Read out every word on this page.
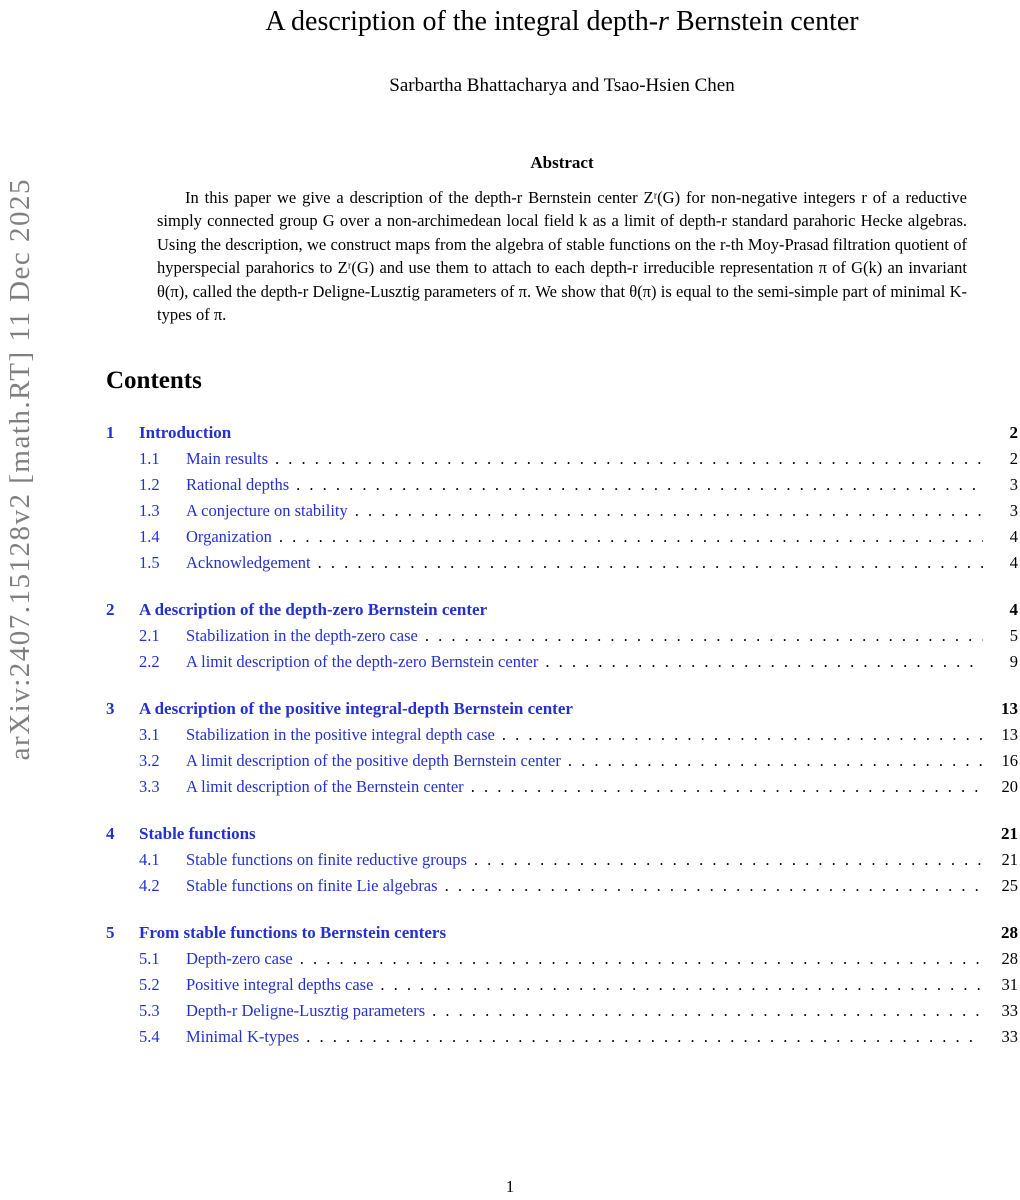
arXiv:2407.15128v2 [math.RT] 11 Dec 2025
A description of the integral depth-r Bernstein center
Sarbartha Bhattacharya and Tsao-Hsien Chen
Abstract

In this paper we give a description of the depth-r Bernstein center Zʳ(G) for non-negative integers r of a reductive simply connected group G over a non-archimedean local field k as a limit of depth-r standard parahoric Hecke algebras. Using the description, we construct maps from the algebra of stable functions on the r-th Moy-Prasad filtration quotient of hyperspecial parahorics to Zʳ(G) and use them to attach to each depth-r irreducible representation π of G(k) an invariant θ(π), called the depth-r Deligne-Lusztig parameters of π. We show that θ(π) is equal to the semi-simple part of minimal K-types of π.

Contents
1	Introduction	2
1.1	Main results . . .	2
1.2	Rational depths . . .	3
1.3	A conjecture on stability . . .	3
1.4	Organization . . .	4
1.5	Acknowledgement . . .	4
2	A description of the depth-zero Bernstein center	4
2.1	Stabilization in the depth-zero case . . .	5
2.2	A limit description of the depth-zero Bernstein center . . .	9
3	A description of the positive integral-depth Bernstein center	13
3.1	Stabilization in the positive integral depth case . . .	13
3.2	A limit description of the positive depth Bernstein center . . .	16
3.3	A limit description of the Bernstein center . . .	20
4	Stable functions	21
4.1	Stable functions on finite reductive groups . . .	21
4.2	Stable functions on finite Lie algebras . . .	25
5	From stable functions to Bernstein centers	28
5.1	Depth-zero case . . .	28
5.2	Positive integral depths case . . .	31
5.3	Depth-r Deligne-Lusztig parameters . . .	33
5.4	Minimal K-types . . .	33
1
